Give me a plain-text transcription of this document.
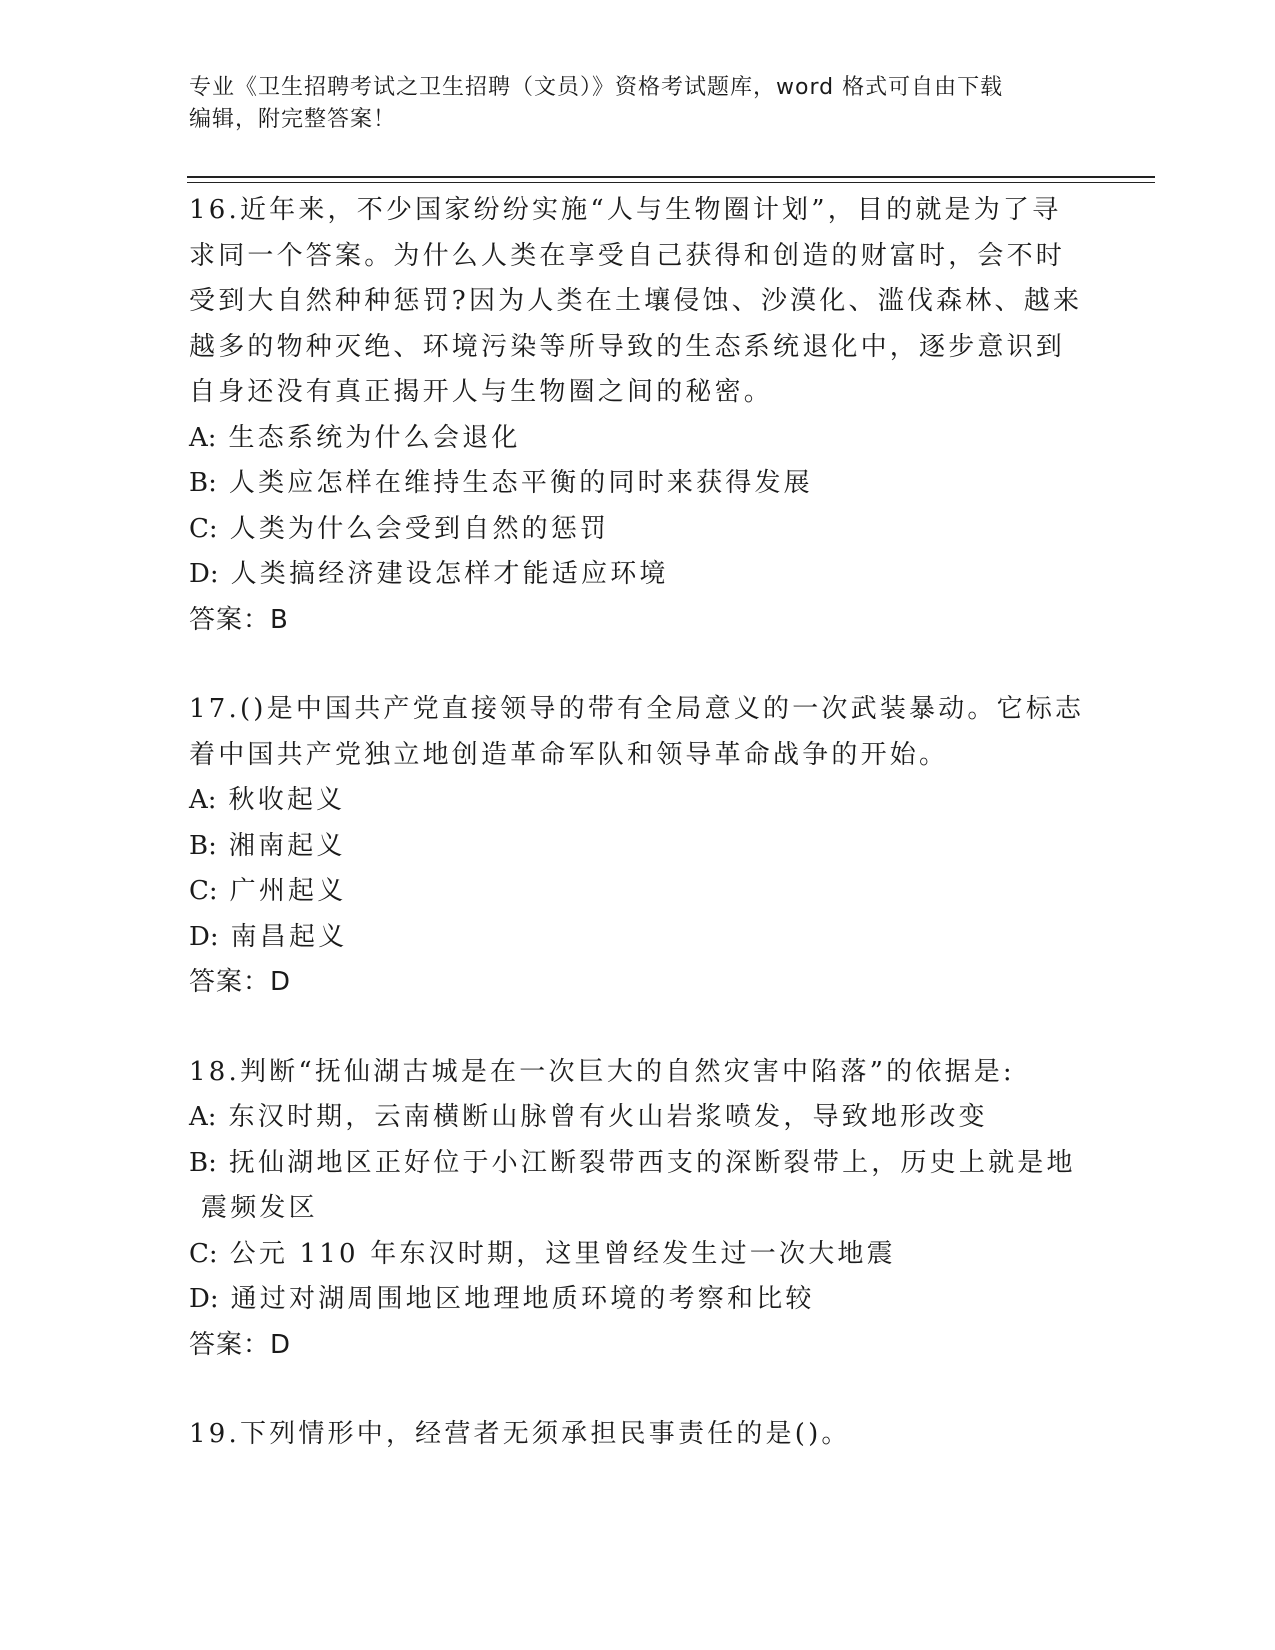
专业《卫生招聘考试之卫生招聘（文员）》资格考试题库，word 格式可自由下载
编辑，附完整答案！

16.近年来，不少国家纷纷实施“人与生物圈计划”，目的就是为了寻

求同一个答案。为什么人类在享受自己获得和创造的财富时，会不时

受到大自然种种惩罚?因为人类在土壤侵蚀、沙漠化、滥伐森林、越来

越多的物种灭绝、环境污染等所导致的生态系统退化中，逐步意识到

自身还没有真正揭开人与生物圈之间的秘密。

A: 生态系统为什么会退化

B: 人类应怎样在维持生态平衡的同时来获得发展

C: 人类为什么会受到自然的惩罚

D: 人类搞经济建设怎样才能适应环境

答案：B

17.()是中国共产党直接领导的带有全局意义的一次武装暴动。它标志

着中国共产党独立地创造革命军队和领导革命战争的开始。

A: 秋收起义

B: 湘南起义

C: 广州起义

D: 南昌起义

答案：D

18.判断“抚仙湖古城是在一次巨大的自然灾害中陷落”的依据是:

A: 东汉时期，云南横断山脉曾有火山岩浆喷发，导致地形改变

B: 抚仙湖地区正好位于小江断裂带西支的深断裂带上，历史上就是地

震频发区

C: 公元 110 年东汉时期，这里曾经发生过一次大地震

D: 通过对湖周围地区地理地质环境的考察和比较

答案：D

19.下列情形中，经营者无须承担民事责任的是()。
